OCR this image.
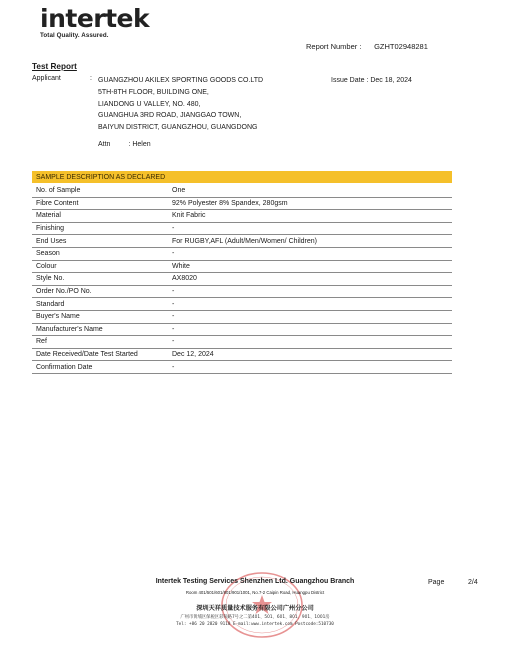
intertek
Total Quality. Assured.
Report Number : GZHT02948281
Test Report
Applicant	: GUANGZHOU AKILEX SPORTING GOODS CO.LTD
5TH-8TH FLOOR, BUILDING ONE,
LIANDONG U VALLEY, NO. 480,
GUANGHUA 3RD ROAD, JIANGGAO TOWN,
BAIYUN DISTRICT, GUANGZHOU, GUANGDONG
Issue Date : Dec 18, 2024
Attn	: Helen
SAMPLE DESCRIPTION AS DECLARED	

No. of Sample	One
Fibre Content	92% Polyester 8% Spandex, 280gsm
Material	Knit Fabric
Finishing	-
End Uses	For RUGBY,AFL (Adult/Men/Women/ Children)
Season	-
Colour	White
Style No.	AX8020
Order No./PO No.	-
Standard	-
Buyer's Name	-
Manufacturer's Name	-
Ref	-
Date Received/Date Test Started	Dec 12, 2024
Confirmation Date	-
Intertek Testing Services Shenzhen Ltd. Guangzhou Branch
Room 401/501/601/801/901/1001, No.7-2 Caipin Road, Huangpu District
深圳天祥质量技术服务有限公司广州分公司
广州市黄埔区保税区彩频路7号之二第401、501、601、801、901、1001房
Tel: +86 20 2820 9118 E-mail:www.intertek.com Postcode:510730
Page	2/4
